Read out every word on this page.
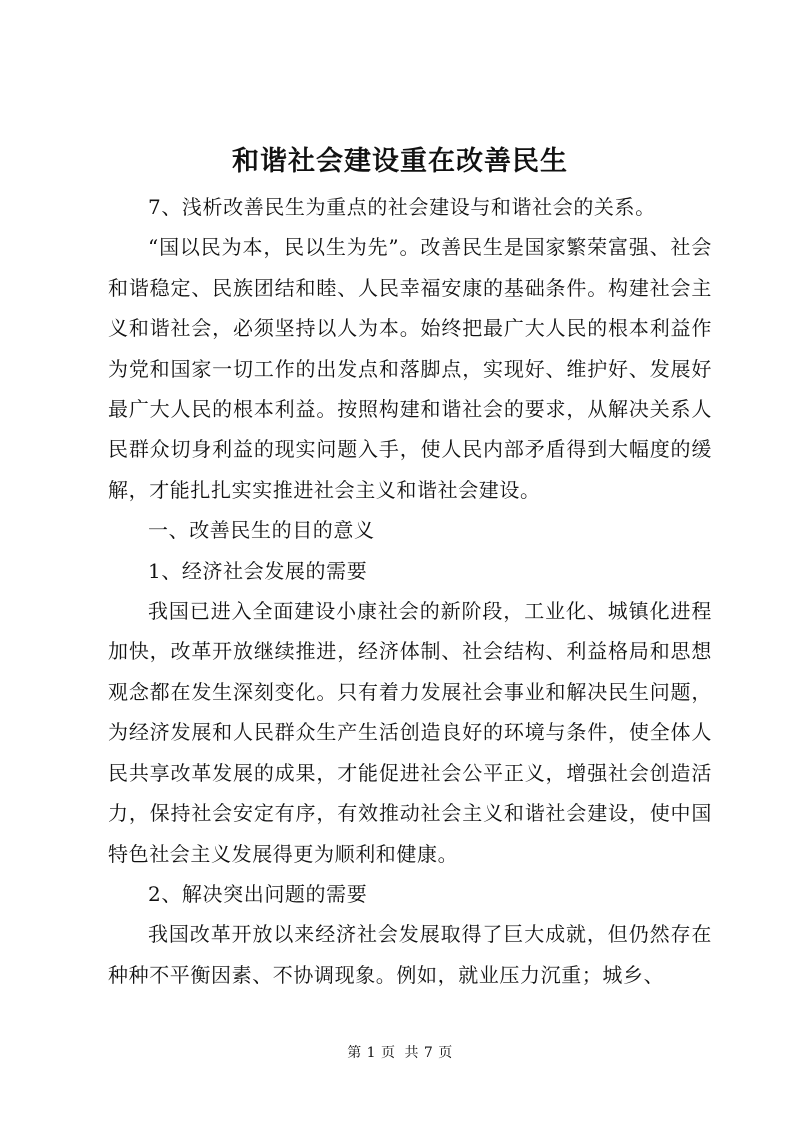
和谐社会建设重在改善民生

7、浅析改善民生为重点的社会建设与和谐社会的关系。

“国以民为本，民以生为先”。改善民生是国家繁荣富强、社会和谐稳定、民族团结和睦、人民幸福安康的基础条件。构建社会主义和谐社会，必须坚持以人为本。始终把最广大人民的根本利益作为党和国家一切工作的出发点和落脚点，实现好、维护好、发展好最广大人民的根本利益。按照构建和谐社会的要求，从解决关系人民群众切身利益的现实问题入手，使人民内部矛盾得到大幅度的缓解，才能扎扎实实推进社会主义和谐社会建设。

一、改善民生的目的意义

1、经济社会发展的需要

我国已进入全面建设小康社会的新阶段，工业化、城镇化进程加快，改革开放继续推进，经济体制、社会结构、利益格局和思想观念都在发生深刻变化。只有着力发展社会事业和解决民生问题，为经济发展和人民群众生产生活创造良好的环境与条件，使全体人民共享改革发展的成果，才能促进社会公平正义，增强社会创造活力，保持社会安定有序，有效推动社会主义和谐社会建设，使中国特色社会主义发展得更为顺利和健康。

2、解决突出问题的需要

我国改革开放以来经济社会发展取得了巨大成就，但仍然存在种种不平衡因素、不协调现象。例如，就业压力沉重；城乡、

第 1 页 共 7 页
